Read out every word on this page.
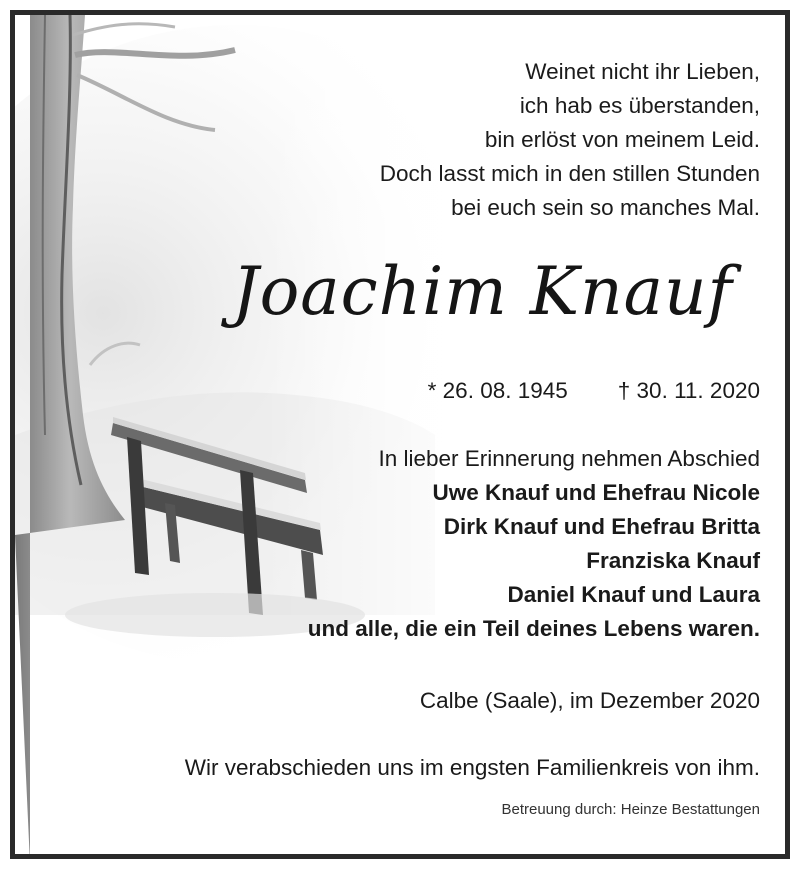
Weinet nicht ihr Lieben,
ich hab es überstanden,
bin erlöst von meinem Leid.
Doch lasst mich in den stillen Stunden
bei euch sein so manches Mal.
Joachim Knauf
* 26. 08. 1945 † 30. 11. 2020
In lieber Erinnerung nehmen Abschied
Uwe Knauf und Ehefrau Nicole
Dirk Knauf und Ehefrau Britta
Franziska Knauf
Daniel Knauf und Laura
und alle, die ein Teil deines Lebens waren.
Calbe (Saale), im Dezember 2020
Wir verabschieden uns im engsten Familienkreis von ihm.
Betreuung durch: Heinze Bestattungen
